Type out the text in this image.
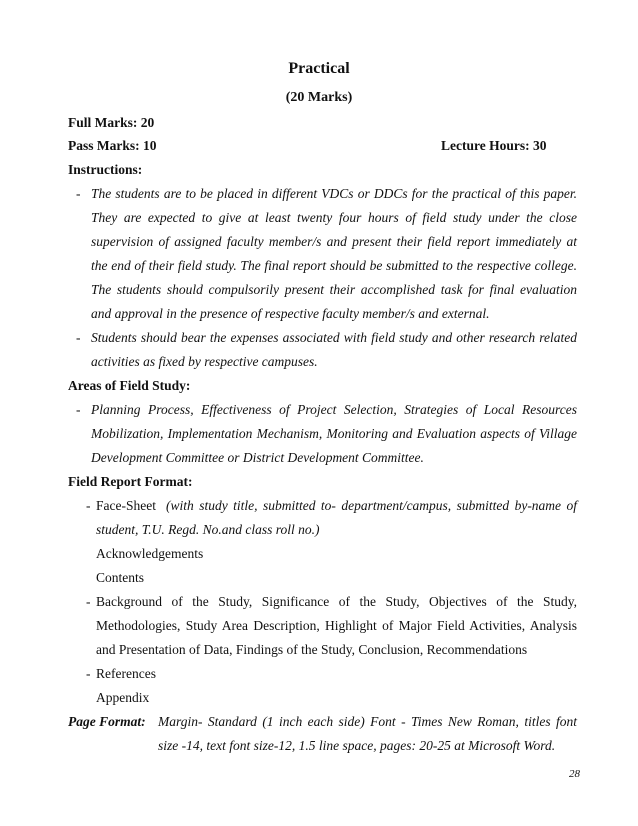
Practical
(20 Marks)
Full Marks: 20
Pass Marks: 10	Lecture Hours: 30
Instructions:
- The students are to be placed in different VDCs or DDCs for the practical of this paper.
They are expected to give at least twenty four hours of field study under the close
supervision of assigned faculty member/s and present their field report immediately at
the end of their field study. The final report should be submitted to the respective college.
The students should compulsorily present their accomplished task for final evaluation
and approval in the presence of respective faculty member/s and external.
- Students should bear the expenses associated with field study and other research related
activities as fixed by respective campuses.
Areas of Field Study:
- Planning Process, Effectiveness of Project Selection, Strategies of Local Resources
Mobilization, Implementation Mechanism, Monitoring and Evaluation aspects of Village
Development Committee or District Development Committee.
Field Report Format:
- Face-Sheet (with study title, submitted to- department/campus, submitted by-name of
student, T.U. Regd. No.and class roll no.)
Acknowledgements
Contents
- Background of the Study, Significance of the Study, Objectives of the Study,
Methodologies, Study Area Description, Highlight of Major Field Activities, Analysis
and Presentation of Data, Findings of the Study, Conclusion, Recommendations
- References
Appendix
Page Format: Margin- Standard (1 inch each side) Font - Times New Roman, titles font
size -14, text font size-12, 1.5 line space, pages: 20-25 at Microsoft Word.
28
